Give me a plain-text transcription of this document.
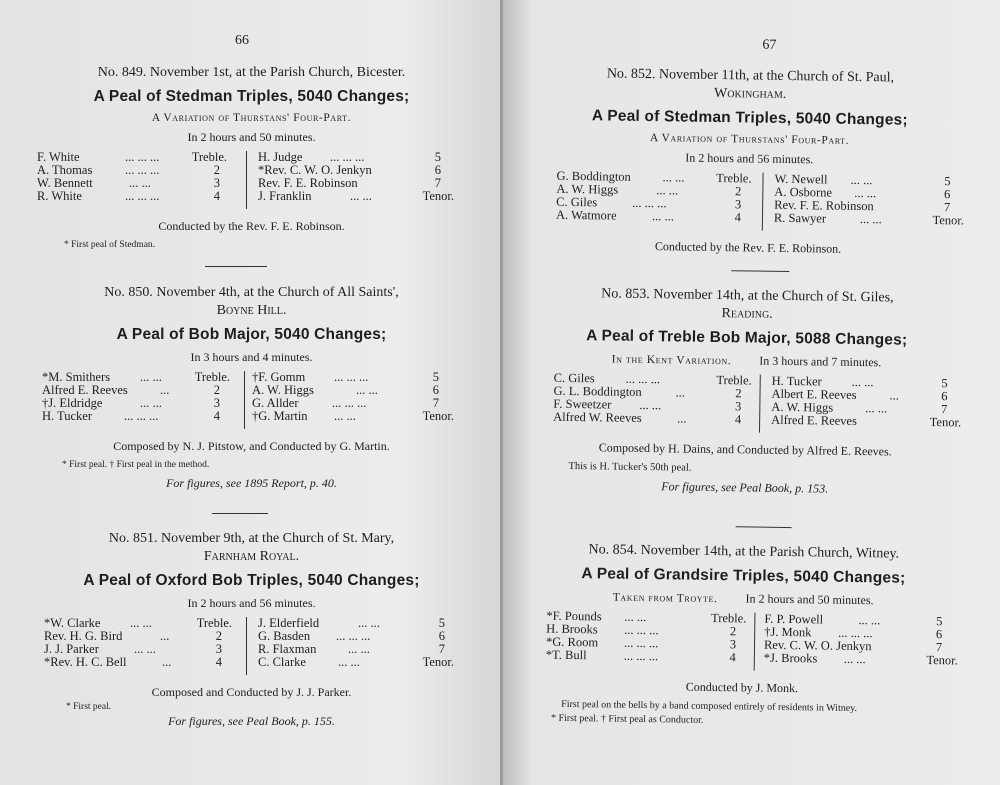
66
No. 849. November 1st, at the Parish Church, Bicester.
A Peal of Stedman Triples, 5040 Changes;
A Variation of Thurstans' Four-Part.
In 2 hours and 50 minutes.
F. White	... ... ...	Treble.
A. Thomas	... ... ...	2
W. Bennett	... ...	3
R. White	... ... ...	4
H. Judge ... ... ...	5
*Rev. C. W. O. Jenkyn	6
Rev. F. E. Robinson	7
J. Franklin	... ...	Tenor.
Conducted by the Rev. F. E. Robinson.
* First peal of Stedman.
No. 850. November 4th, at the Church of All Saints',
Boyne Hill.
A Peal of Bob Major, 5040 Changes;
In 3 hours and 4 minutes.
*M. Smithers ... ...	Treble.
Alfred E. Reeves	...	2
†J. Eldridge	... ...	3
H. Tucker	... ... ...	4
†F. Gomm ... ... ...	5
A. W. Higgs	... ...	6
G. Allder	... ... ...	7
†G. Martin ... ...	Tenor.
Composed by N. J. Pitstow, and Conducted by G. Martin.
* First peal. † First peal in the method.
For figures, see 1895 Report, p. 40.
No. 851. November 9th, at the Church of St. Mary,
Farnham Royal.
A Peal of Oxford Bob Triples, 5040 Changes;
In 2 hours and 56 minutes.
*W. Clarke ... ...	Treble.
Rev. H. G. Bird	...	2
J. J. Parker	... ...	3
*Rev. H. C. Bell	...	4
J. Elderfield	... ...	5
G. Basden ... ... ...	6
R. Flaxman	... ...	7
C. Clarke	... ...	Tenor.
Composed and Conducted by J. J. Parker.
* First peal.
For figures, see Peal Book, p. 155.
67
No. 852. November 11th, at the Church of St. Paul,
Wokingham.
A Peal of Stedman Triples, 5040 Changes;
A Variation of Thurstans' Four-Part.
In 2 hours and 56 minutes.
G. Boddington	... ...	Treble.
A. W. Higgs	... ...	2
C. Giles	... ... ...	3
A. Watmore	... ...	4
W. Newell ... ...	5
A. Osborne ... ...	6
Rev. F. E. Robinson	7
R. Sawyer	... ...	Tenor.
Conducted by the Rev. F. E. Robinson.
No. 853. November 14th, at the Church of St. Giles,
Reading.
A Peal of Treble Bob Major, 5088 Changes;
In the Kent Variation. In 3 hours and 7 minutes.
C. Giles ... ... ...	Treble.
G. L. Boddington	...	2
F. Sweetzer ... ...	3
Alfred W. Reeves	...	4
H. Tucker ... ...	5
Albert E. Reeves	...	6
A. W. Higgs	... ...	7
Alfred E. Reeves	Tenor.
Composed by H. Dains, and Conducted by Alfred E. Reeves.
This is H. Tucker's 50th peal.
For figures, see Peal Book, p. 153.
No. 854. November 14th, at the Parish Church, Witney.
A Peal of Grandsire Triples, 5040 Changes;
Taken from Troyte. In 2 hours and 50 minutes.
*F. Pounds ... ...	Treble.
H. Brooks ... ... ...	2
*G. Room ... ... ...	3
*T. Bull	... ... ...	4
F. P. Powell	... ...	5
†J. Monk ... ... ...	6
Rev. C. W. O. Jenkyn	7
*J. Brooks ... ...	Tenor.
Conducted by J. Monk.
First peal on the bells by a band composed entirely of residents in Witney.
* First peal. † First peal as Conductor.
